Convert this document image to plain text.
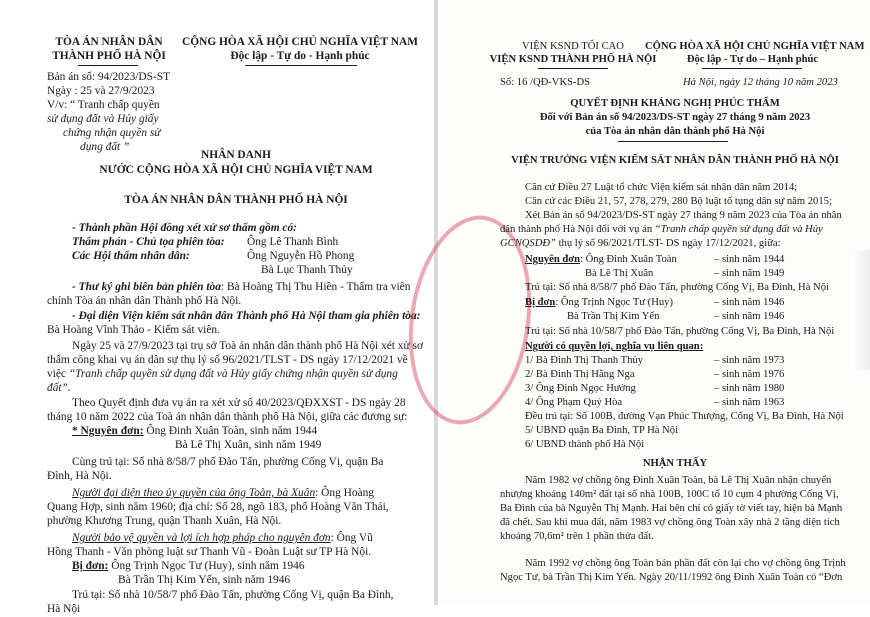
TÒA ÁN NHÂN DÂN
THÀNH PHỐ HÀ NỘI
CỘNG HÒA XÃ HỘI CHỦ NGHĨA VIỆT NAM
Độc lập - Tự do - Hạnh phúc
Bản án số: 94/2023/DS-ST
Ngày : 25 và 27/9/2023
V/v: “ Tranh chấp quyền
sử dụng đất và Hủy giấy
chứng nhận quyền sử
dụng đất ”
NHÂN DANH
NƯỚC CỘNG HÒA XÃ HỘI CHỦ NGHĨA VIỆT NAM
TÒA ÁN NHÂN DÂN THÀNH PHỐ HÀ NỘI
- Thành phần Hội đồng xét xử sơ thẩm gồm có:
Thẩm phán - Chủ tọa phiên tòa: Ông Lê Thanh Bình
Các Hội thẩm nhân dân:	Ông Nguyễn Hồ Phong
Bà Lục Thanh Thủy
- Thư ký ghi biên bản phiên tòa: Bà Hoàng Thị Thu Hiền - Thẩm tra viên
chính Tòa án nhân dân Thành phố Hà Nội.
- Đại diện Viện kiểm sát nhân dân Thành phố Hà Nội tham gia phiên tòa:
Bà Hoàng Vĩnh Thảo - Kiểm sát viên.
Ngày 25 và 27/9/2023 tại trụ sở Toà án nhân dân thành phố Hà Nội xét xử sơ
thẩm công khai vụ án dân sự thụ lý số 96/2021/TLST - DS ngày 17/12/2021 về
việc “Tranh chấp quyền sử dụng đất và Hủy giấy chứng nhận quyền sử dụng
đất”.
Theo Quyết định đưa vụ án ra xét xử số 40/2023/QĐXXST - DS ngày 28
tháng 10 năm 2022 của Toà án nhân dân thành phố Hà Nội, giữa các đương sự:
* Nguyên đơn: Ông Đinh Xuân Toàn, sinh năm 1944
Bà Lê Thị Xuân, sinh năm 1949
Cùng trú tại: Số nhà 8/58/7 phố Đào Tấn, phường Cống Vị, quận Ba
Đình, Hà Nội.
Người đại diện theo ủy quyền của ông Toàn, bà Xuân: Ông Hoàng
Quang Hợp, sinh năm 1960; địa chỉ: Số 28, ngõ 183, phố Hoàng Văn Thái,
phường Khương Trung, quận Thanh Xuân, Hà Nội.
Người bảo vệ quyền và lợi ích hợp pháp cho nguyên đơn: Ông Vũ
Hồng Thanh - Văn phòng luật sư Thanh Vũ - Đoàn Luật sư TP Hà Nội.
Bị đơn: Ông Trịnh Ngọc Tư (Huy), sinh năm 1946
Bà Trần Thị Kim Yến, sinh năm 1946
Trú tại: Số nhà 10/58/7 phố Đào Tấn, phường Cống Vị, quận Ba Đình,
Hà Nội
VIỆN KSND TỐI CAO
VIỆN KSND THÀNH PHỐ HÀ NỘI
CỘNG HÒA XÃ HỘI CHỦ NGHĨA VIỆT NAM
Độc lập - Tự do – Hạnh phúc
Số: 16 /QĐ-VKS-DS	Hà Nội, ngày 12 tháng 10 năm 2023
QUYẾT ĐỊNH KHÁNG NGHỊ PHÚC THẨM
Đối với Bản án số 94/2023/DS-ST ngày 27 tháng 9 năm 2023
của Tòa án nhân dân thành phố Hà Nội
VIỆN TRƯỞNG VIỆN KIỂM SÁT NHÂN DÂN THÀNH PHỐ HÀ NỘI
Căn cứ Điều 27 Luật tổ chức Viện kiểm sát nhân dân năm 2014;
Căn cứ các Điều 21, 57, 278, 279, 280 Bộ luật tố tụng dân sự năm 2015;
Xét Bản án số 94/2023/DS-ST ngày 27 tháng 9 năm 2023 của Tòa án nhân
dân thành phố Hà Nội đối với vụ án “Tranh chấp quyền sử dụng đất và Hủy
GCNQSDĐ” thụ lý số 96/2021/TLST- DS ngày 17/12/2021, giữa:
Nguyên đơn: Ông Đinh Xuân Toàn	– sinh năm 1944
Bà Lê Thị Xuân	– sinh năm 1949
Trú tại: Số nhà 8/58/7 phố Đào Tấn, phường Cống Vị, Ba Đình, Hà Nội
Bị đơn: Ông Trịnh Ngọc Tư (Huy)	– sinh năm 1946
Bà Trần Thị Kim Yến	– sinh năm 1946
Trú tại: Số nhà 10/58/7 phố Đào Tấn, phường Cống Vị, Ba Đình, Hà Nội
Người có quyền lợi, nghĩa vụ liên quan:
1/ Bà Đinh Thị Thanh Thủy	– sinh năm 1973
2/ Bà Đinh Thị Hằng Nga	– sinh năm 1976
3/ Ông Đinh Ngọc Hưởng	– sinh năm 1980
4/ Ông Phạm Quý Hòa	– sinh năm 1963
Đều trú tại: Số 100B, đường Vạn Phúc Thượng, Cống Vị, Ba Đình, Hà Nội
5/ UBND quận Ba Đình, TP Hà Nội
6/ UBND thành phố Hà Nội
NHẬN THẤY
Năm 1982 vợ chồng ông Đinh Xuân Toàn, bà Lê Thị Xuân nhận chuyển
nhượng khoảng 140m² đất tại số nhà 100B, 100C tổ 10 cụm 4 phường Cống Vị,
Ba Đình của bà Nguyễn Thị Mạnh. Hai bên chỉ có giấy tờ viết tay, hiện bà Mạnh
đã chết. Sau khi mua đất, năm 1983 vợ chồng ông Toàn xây nhà 2 tầng diện tích
khoảng 70,6m² trên 1 phần thửa đất.
Năm 1992 vợ chồng ông Toàn bán phần đất còn lại cho vợ chồng ông Trịnh
Ngọc Tư, bà Trần Thị Kim Yến. Ngày 20/11/1992 ông Đinh Xuân Toàn có “Đơn
